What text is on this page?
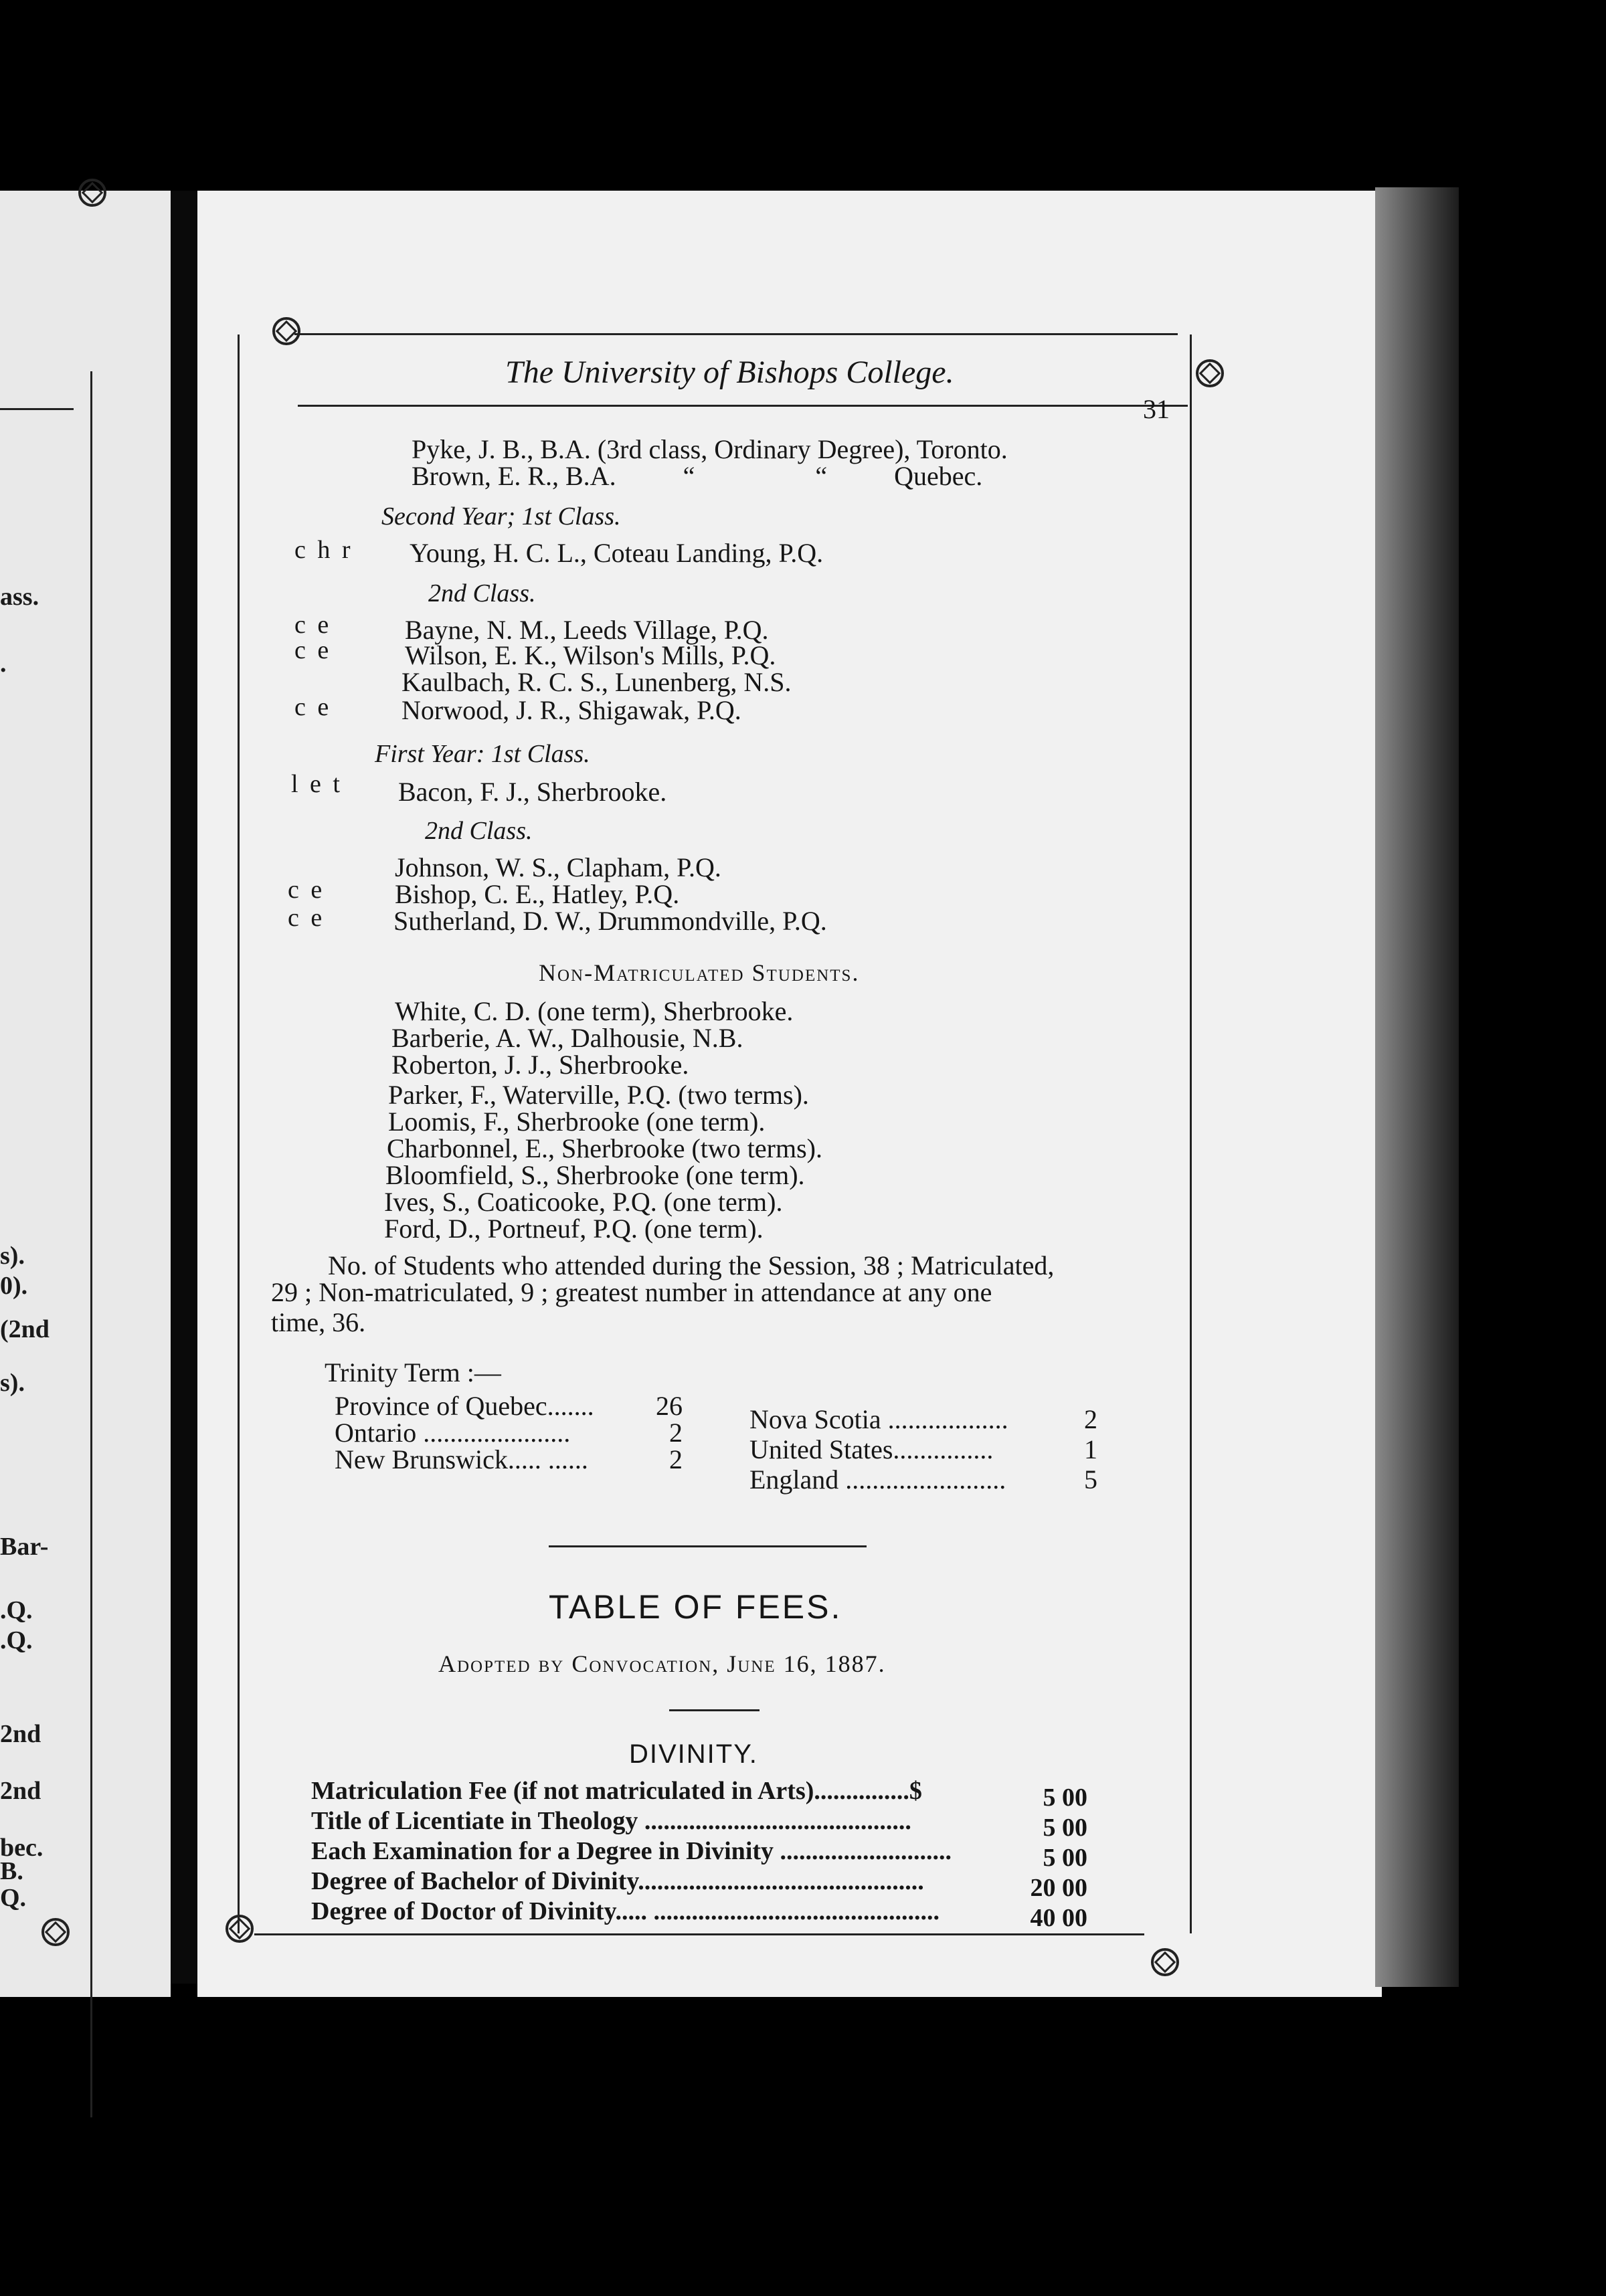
ass.
.
s).
0).
(2nd
s).
Bar-
.Q.
.Q.
2nd
2nd
bec.
B.
Q.
The University of Bishops College.
31
Pyke, J. B., B.A. (3rd class, Ordinary Degree), Toronto.
Brown, E. R., B.A.          “                  “          Quebec.
Second Year; 1st Class.
c h r Young, H. C. L., Coteau Landing, P.Q.
2nd Class.
c e	Bayne, N. M., Leeds Village, P.Q.
c e	Wilson, E. K., Wilson's Mills, P.Q.
Kaulbach, R. C. S., Lunenberg, N.S.
c e	Norwood, J. R., Shigawak, P.Q.
First Year: 1st Class.
l e t Bacon, F. J., Sherbrooke.
2nd Class.
Johnson, W. S., Clapham, P.Q.
c e	Bishop, C. E., Hatley, P.Q.
c e	Sutherland, D. W., Drummondville, P.Q.
Non-Matriculated Students.
White, C. D. (one term), Sherbrooke.
Barberie, A. W., Dalhousie, N.B.
Roberton, J. J., Sherbrooke.
Parker, F., Waterville, P.Q. (two terms).
Loomis, F., Sherbrooke (one term).
Charbonnel, E., Sherbrooke (two terms).
Bloomfield, S., Sherbrooke (one term).
Ives, S., Coaticooke, P.Q. (one term).
Ford, D., Portneuf, P.Q. (one term).
No. of Students who attended during the Session, 38 ; Matriculated,
29 ; Non-matriculated, 9 ; greatest number in attendance at any one
time, 36.
Trinity Term :—
Province of Quebec....... 26
Ontario ......................	2
New Brunswick..... ......	2
Nova Scotia ..................	2
United States...............	1
England ........................	5
TABLE OF FEES.
Adopted by Convocation, June 16, 1887.
DIVINITY.
Matriculation Fee (if not matriculated in Arts)...............$	5 00
Title of Licentiate in Theology ..........................................	5 00
Each Examination for a Degree in Divinity ...........................	5 00
Degree of Bachelor of Divinity.............................................	20 00
Degree of Doctor of Divinity..... .............................................	40 00
